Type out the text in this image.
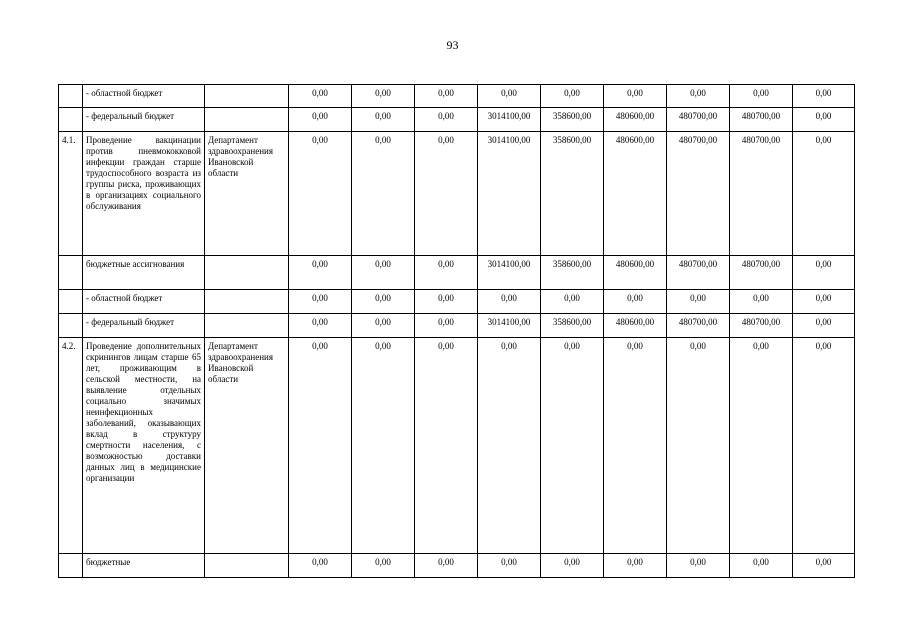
93
	- областной бюджет		0,00	0,00	0,00	0,00	0,00	0,00	0,00	0,00	0,00
	- федеральный бюджет		0,00	0,00	0,00	3014100,00	358600,00	480600,00	480700,00	480700,00	0,00
4.1.	Проведение вакцинации против пневмококковой инфекции граждан старше трудоспособного возраста из группы риска, проживающих в организациях социального обслуживания	Департамент здравоохранения Ивановской области	0,00	0,00	0,00	3014100,00	358600,00	480600,00	480700,00	480700,00	0,00
	бюджетные ассигнования		0,00	0,00	0,00	3014100,00	358600,00	480600,00	480700,00	480700,00	0,00
	- областной бюджет		0,00	0,00	0,00	0,00	0,00	0,00	0,00	0,00	0,00
	- федеральный бюджет		0,00	0,00	0,00	3014100,00	358600,00	480600,00	480700,00	480700,00	0,00
4.2.	Проведение дополнительных скринингов лицам старше 65 лет, проживающим в сельской местности, на выявление отдельных социально значимых неинфекционных заболеваний, оказывающих вклад в структуру смертности населения, с возможностью доставки данных лиц в медицинские организации	Департамент здравоохранения Ивановской области	0,00	0,00	0,00	0,00	0,00	0,00	0,00	0,00	0,00
	бюджетные		0,00	0,00	0,00	0,00	0,00	0,00	0,00	0,00	0,00
